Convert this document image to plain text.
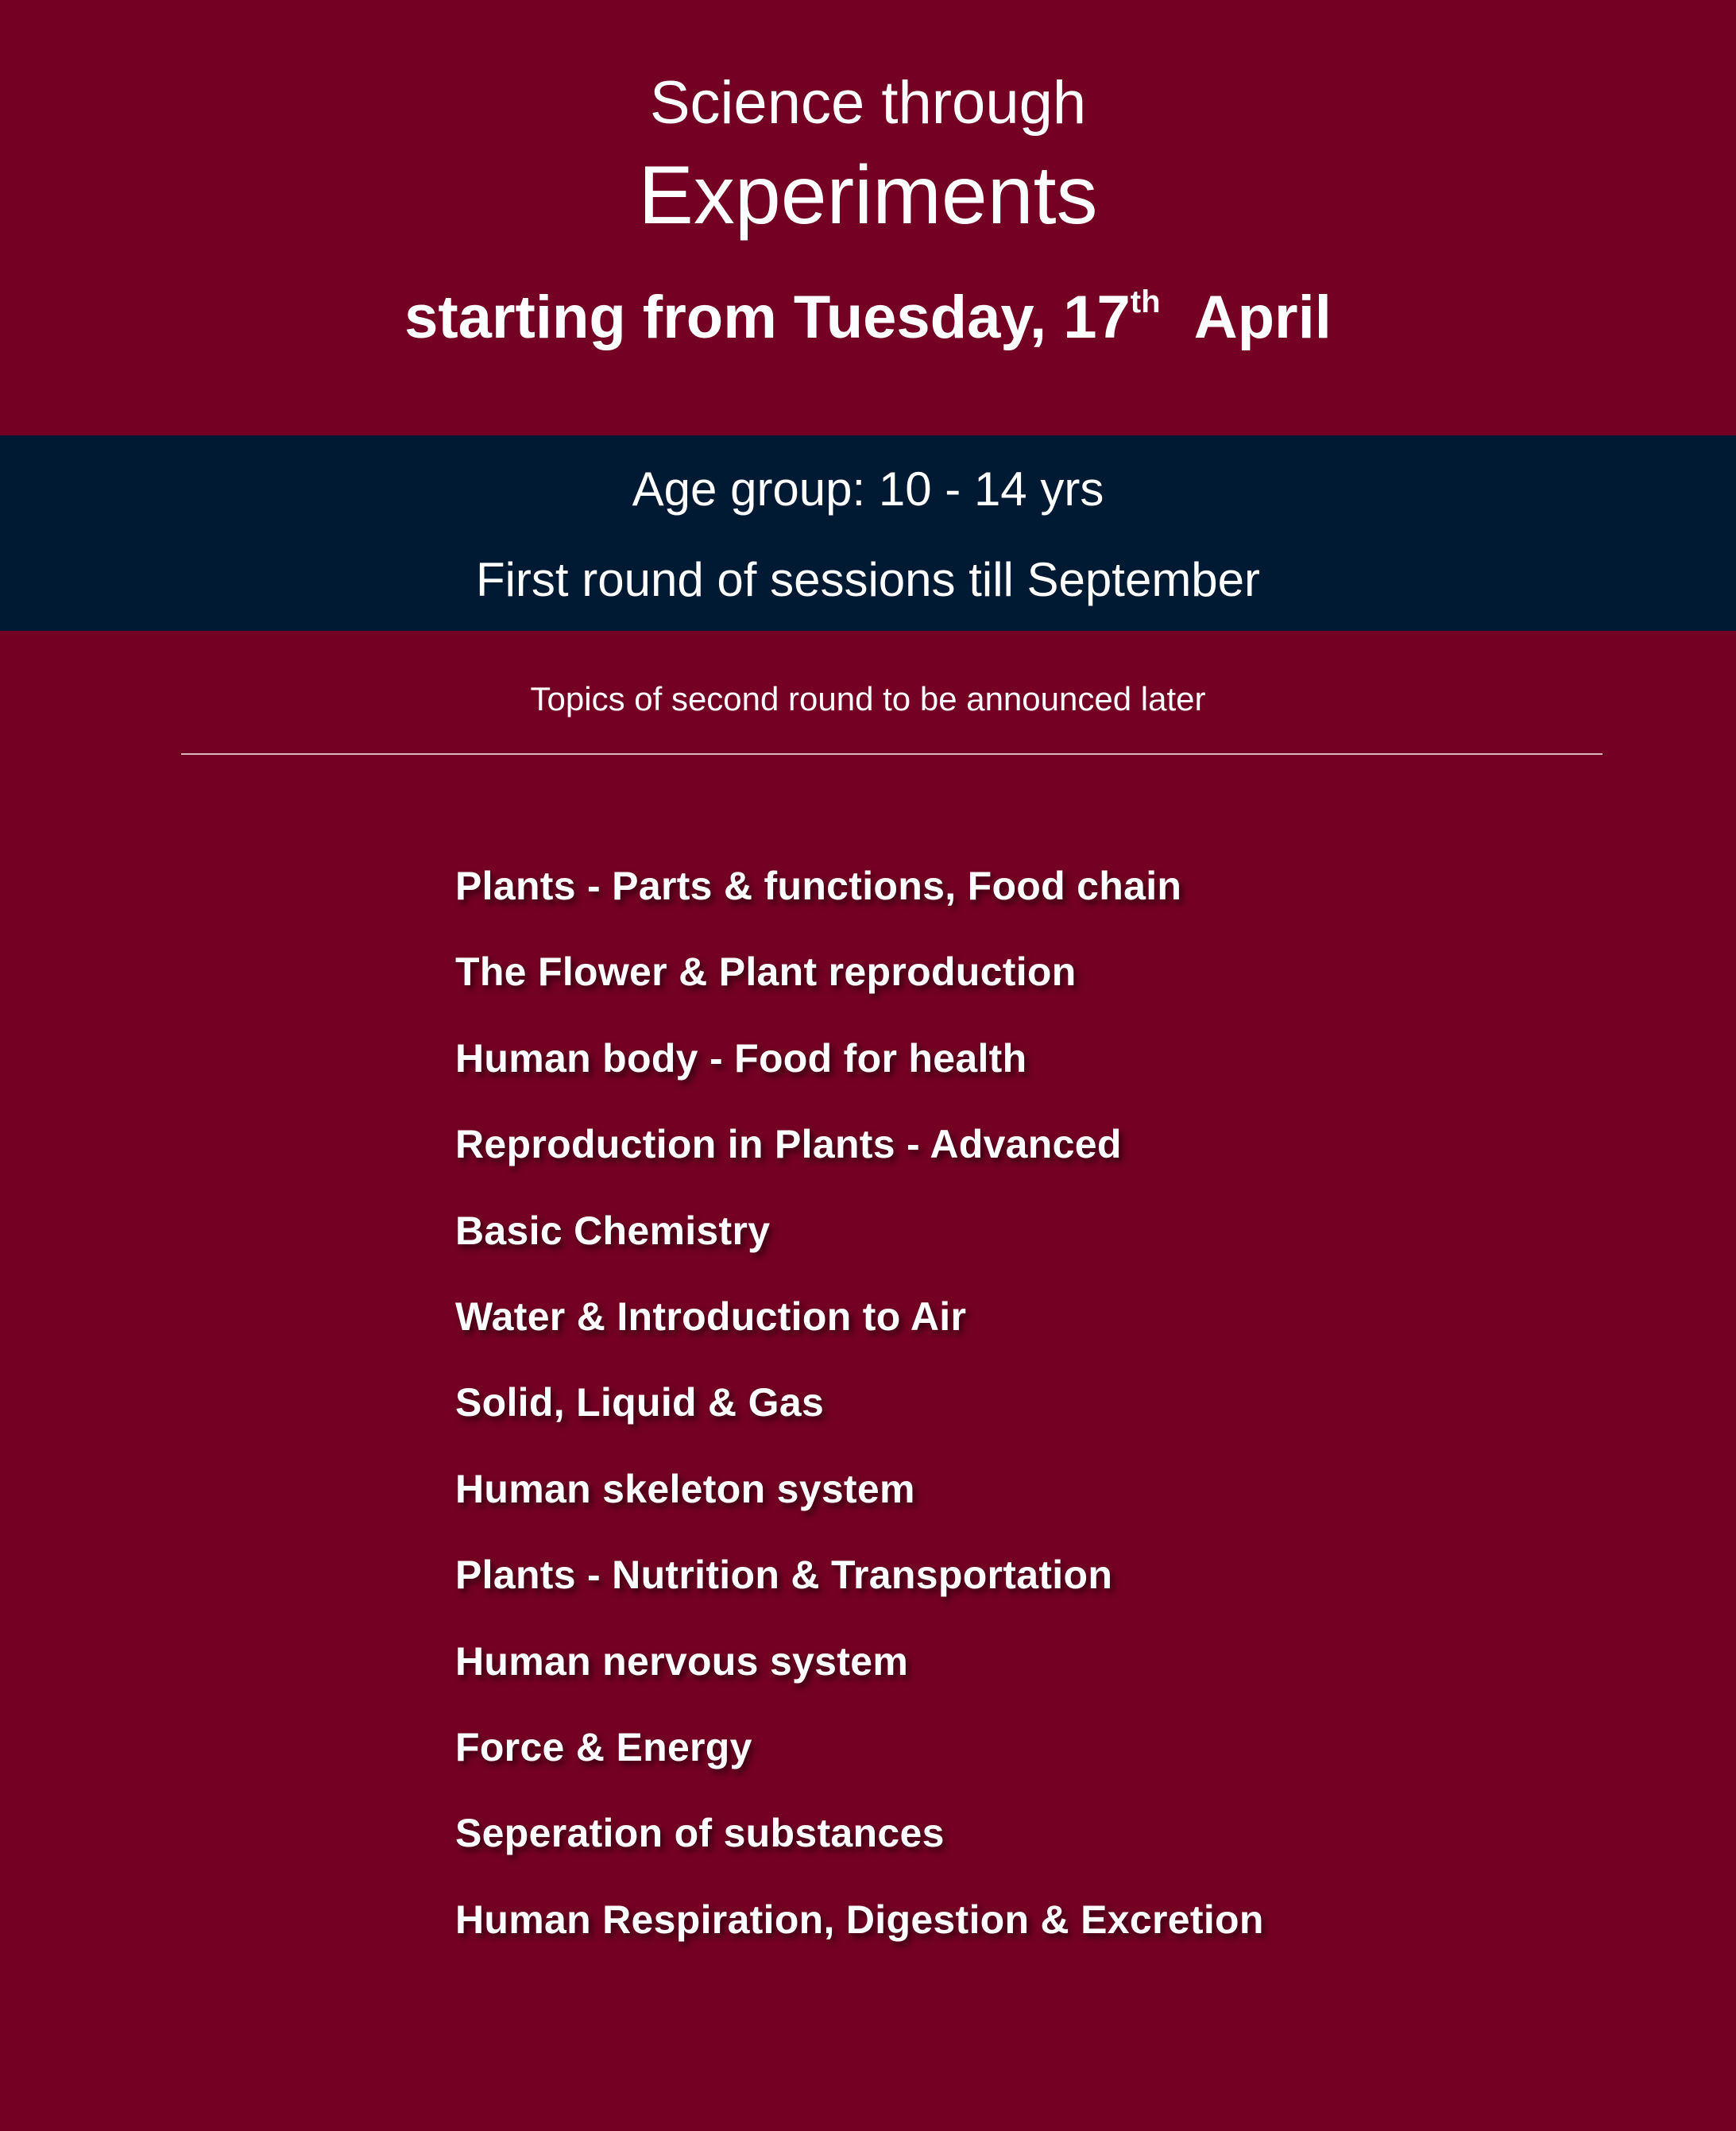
Science through
Experiments
starting from Tuesday, 17th April
Age group: 10 - 14 yrs
First round of sessions till September
Topics of second round to be announced later
Plants - Parts & functions, Food chain
The Flower & Plant reproduction
Human body - Food for health
Reproduction in Plants - Advanced
Basic Chemistry
Water & Introduction to Air
Solid, Liquid & Gas
Human skeleton system
Plants - Nutrition & Transportation
Human nervous system
Force & Energy
Seperation of substances
Human Respiration, Digestion & Excretion
